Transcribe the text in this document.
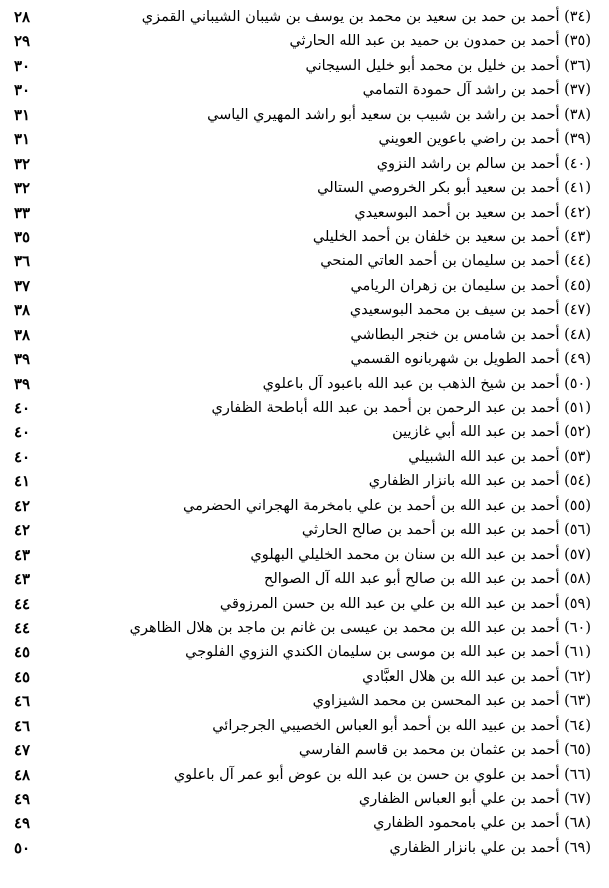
(٣٤) أحمد بن حمد بن سعيد بن محمد بن يوسف بن شيبان الشيباني القمزي
٢٨
(٣٥) أحمد بن حمدون بن حميد بن عبد الله الحارثي
٢٩
(٣٦) أحمد بن خليل بن محمد أبو خليل السيجاني
٣٠
(٣٧) أحمد بن راشد آل حمودة التمامي
٣٠
(٣٨) أحمد بن راشد بن شبيب بن سعيد أبو راشد المهيري الياسي
٣١
(٣٩) أحمد بن راضي باعوين العويني
٣١
(٤٠) أحمد بن سالم بن راشد النزوي
٣٢
(٤١) أحمد بن سعيد أبو بكر الخروصي الستالي
٣٢
(٤٢) أحمد بن سعيد بن أحمد البوسعيدي
٣٣
(٤٣) أحمد بن سعيد بن خلفان بن أحمد الخليلي
٣٥
(٤٤) أحمد بن سليمان بن أحمد العاتي المنحي
٣٦
(٤٥) أحمد بن سليمان بن زهران الريامي
٣٧
(٤٧) أحمد بن سيف بن محمد البوسعيدي
٣٨
(٤٨) أحمد بن شامس بن خنجر البطاشي
٣٨
(٤٩) أحمد الطويل بن شهربانوه القسمي
٣٩
(٥٠) أحمد بن شيخ الذهب بن عبد الله باعبود آل باعلوي
٣٩
(٥١) أحمد بن عبد الرحمن بن أحمد بن عبد الله أباطحة الظفاري
٤٠
(٥٢) أحمد بن عبد الله أبي غازيين
٤٠
(٥٣) أحمد بن عبد الله الشبيلي
٤٠
(٥٤) أحمد بن عبد الله بانزار الظفاري
٤١
(٥٥) أحمد بن عبد الله بن أحمد بن علي بامخرمة الهجراني الحضرمي
٤٢
(٥٦) أحمد بن عبد الله بن أحمد بن صالح الحارثي
٤٢
(٥٧) أحمد بن عبد الله بن سنان بن محمد الخليلي البهلوي
٤٣
(٥٨) أحمد بن عبد الله بن صالح أبو عبد الله آل الصوالح
٤٣
(٥٩) أحمد بن عبد الله بن علي بن عبد الله بن حسن المرزوقي
٤٤
(٦٠) أحمد بن عبد الله بن محمد بن عيسى بن غانم بن ماجد بن هلال الظاهري
٤٤
(٦١) أحمد بن عبد الله بن موسى بن سليمان الكندي النزوي الفلوجي
٤٥
(٦٢) أحمد بن عبد الله بن هلال العبَّادي
٤٥
(٦٣) أحمد بن عبد المحسن بن محمد الشيزاوي
٤٦
(٦٤) أحمد بن عبيد الله بن أحمد أبو العباس الخصيبي الجرجرائي
٤٦
(٦٥) أحمد بن عثمان بن محمد بن قاسم الفارسي
٤٧
(٦٦) أحمد بن علوي بن حسن بن عبد الله بن عوض أبو عمر آل باعلوي
٤٨
(٦٧) أحمد بن علي أبو العباس الظفاري
٤٩
(٦٨) أحمد بن علي بامحمود الظفاري
٤٩
(٦٩) أحمد بن علي بانزار الظفاري
٥٠
